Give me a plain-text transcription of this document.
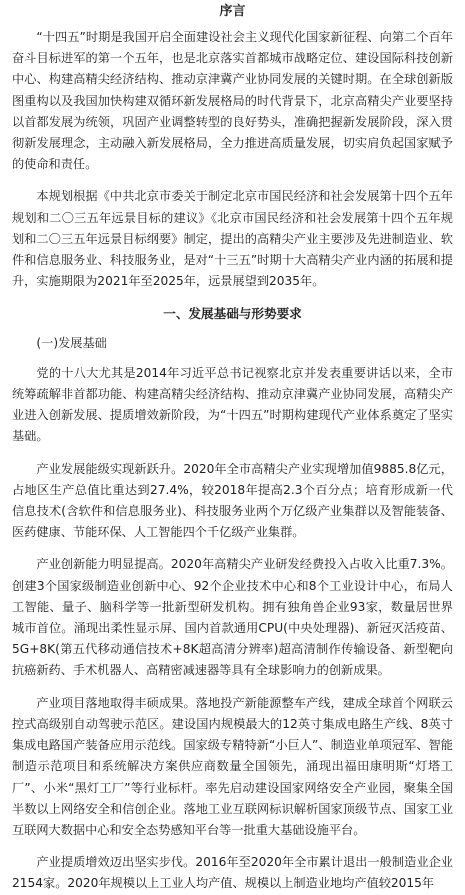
序言

“十四五”时期是我国开启全面建设社会主义现代化国家新征程、向第二个百年奋斗目标进军的第一个五年，也是北京落实首都城市战略定位、建设国际科技创新中心、构建高精尖经济结构、推动京津冀产业协同发展的关键时期。在全球创新版图重构以及我国加快构建双循环新发展格局的时代背景下，北京高精尖产业要坚持以首都发展为统领，巩固产业调整转型的良好势头，准确把握新发展阶段，深入贯彻新发展理念，主动融入新发展格局，全力推进高质量发展，切实肩负起国家赋予的使命和责任。

本规划根据《中共北京市委关于制定北京市国民经济和社会发展第十四个五年规划和二〇三五年远景目标的建议》《北京市国民经济和社会发展第十四个五年规划和二〇三五年远景目标纲要》制定，提出的高精尖产业主要涉及先进制造业、软件和信息服务业、科技服务业，是对“十三五”时期十大高精尖产业内涵的拓展和提升，实施期限为2021年至2025年，远景展望到2035年。

一、发展基础与形势要求
(一)发展基础

党的十八大尤其是2014年习近平总书记视察北京并发表重要讲话以来，全市统筹疏解非首都功能、构建高精尖经济结构、推动京津冀产业协同发展，高精尖产业进入创新发展、提质增效新阶段，为“十四五”时期构建现代产业体系奠定了坚实基础。

产业发展能级实现新跃升。2020年全市高精尖产业实现增加值9885.8亿元，占地区生产总值比重达到27.4%，较2018年提高2.3个百分点；培育形成新一代信息技术(含软件和信息服务业)、科技服务业两个万亿级产业集群以及智能装备、医药健康、节能环保、人工智能四个千亿级产业集群。

产业创新能力明显提高。2020年高精尖产业研发经费投入占收入比重7.3%。创建3个国家级制造业创新中心、92个企业技术中心和8个工业设计中心，布局人工智能、量子、脑科学等一批新型研发机构。拥有独角兽企业93家，数量居世界城市首位。涌现出柔性显示屏、国内首款通用CPU(中央处理器)、新冠灭活疫苗、5G+8K(第五代移动通信技术+8K超高清分辨率)超高清制作传输设备、新型靶向抗癌新药、手术机器人、高精密减速器等具有全球影响力的创新成果。

产业项目落地取得丰硕成果。落地投产新能源整车产线，建成全球首个网联云控式高级别自动驾驶示范区。建设国内规模最大的12英寸集成电路生产线、8英寸集成电路国产装备应用示范线。国家级专精特新“小巨人”、制造业单项冠军、智能制造示范项目和系统解决方案供应商数量全国领先，涌现出福田康明斯“灯塔工厂”、小米“黑灯工厂”等行业标杆。率先启动建设国家网络安全产业园，聚集全国半数以上网络安全和信创企业。落地工业互联网标识解析国家顶级节点、国家工业互联网大数据中心和安全态势感知平台等一批重大基础设施平台。

产业提质增效迈出坚实步伐。2016年至2020年全市累计退出一般制造业企业2154家。2020年规模以上工业人均产值、规模以上制造业地均产值较2015年
